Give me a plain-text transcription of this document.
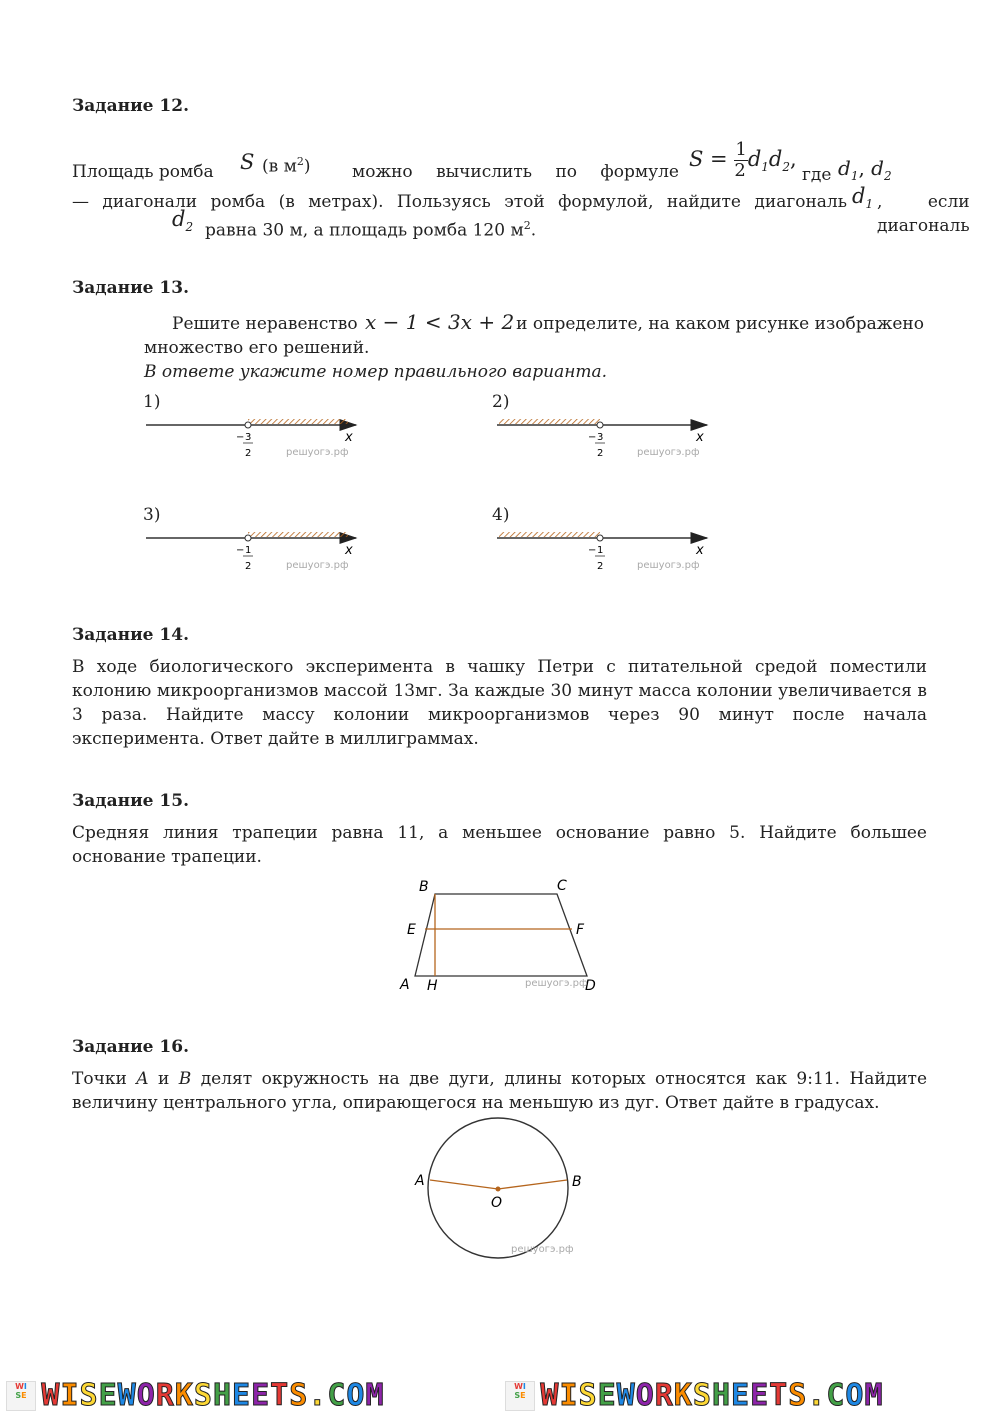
Задание 12.
Площадь ромба S (в $м^2$) можно вычислить по формуле
$S = \frac{1}{2} d_1d_2$,
где $d_1$, $d_2$
— диагонали ромба (в метрах). Пользуясь этой формулой, найдите диагональ $d_1$ , если диагональ
$d_2$ равна 30 м, а площадь ромба 120 $м^2$.
Задание 13.
Решите неравенство x − 1 < 3x + 2 и определите, на каком рисунке изображено множество его решений.
В ответе укажите номер правильного варианта.
1)	2)
3)	4)
x
− 3
2	решуогэ.рф
x
− 3
2	решуогэ.рф
x
− 1
2	решуогэ.рф
x
− 1
2	решуогэ.рф
Задание 14.
В ходе биологического эксперимента в чашку Петри с питательной средой поместили колонию микроорганизмов массой 13мг. За каждые 30 минут масса колонии увеличивается в 3 раза. Найдите массу колонии микроорганизмов через 90 минут после начала эксперимента. Ответ дайте в миллиграммах.
Задание 15.
Средняя линия трапеции равна 11, а меньшее основание равно 5. Найдите большее основание трапеции.
B	C
E	F
A H	D
решуогэ.рф
Задание 16.
Точки A и B делят окружность на две дуги, длины которых относятся как 9:11. Найдите величину центрального угла, опирающегося на меньшую из дуг. Ответ дайте в градусах.
A	B
O
решуогэ.рф
WI
SE WISEWORKSHEETS.COM	WI
SE WISEWORKSHEETS.COM
